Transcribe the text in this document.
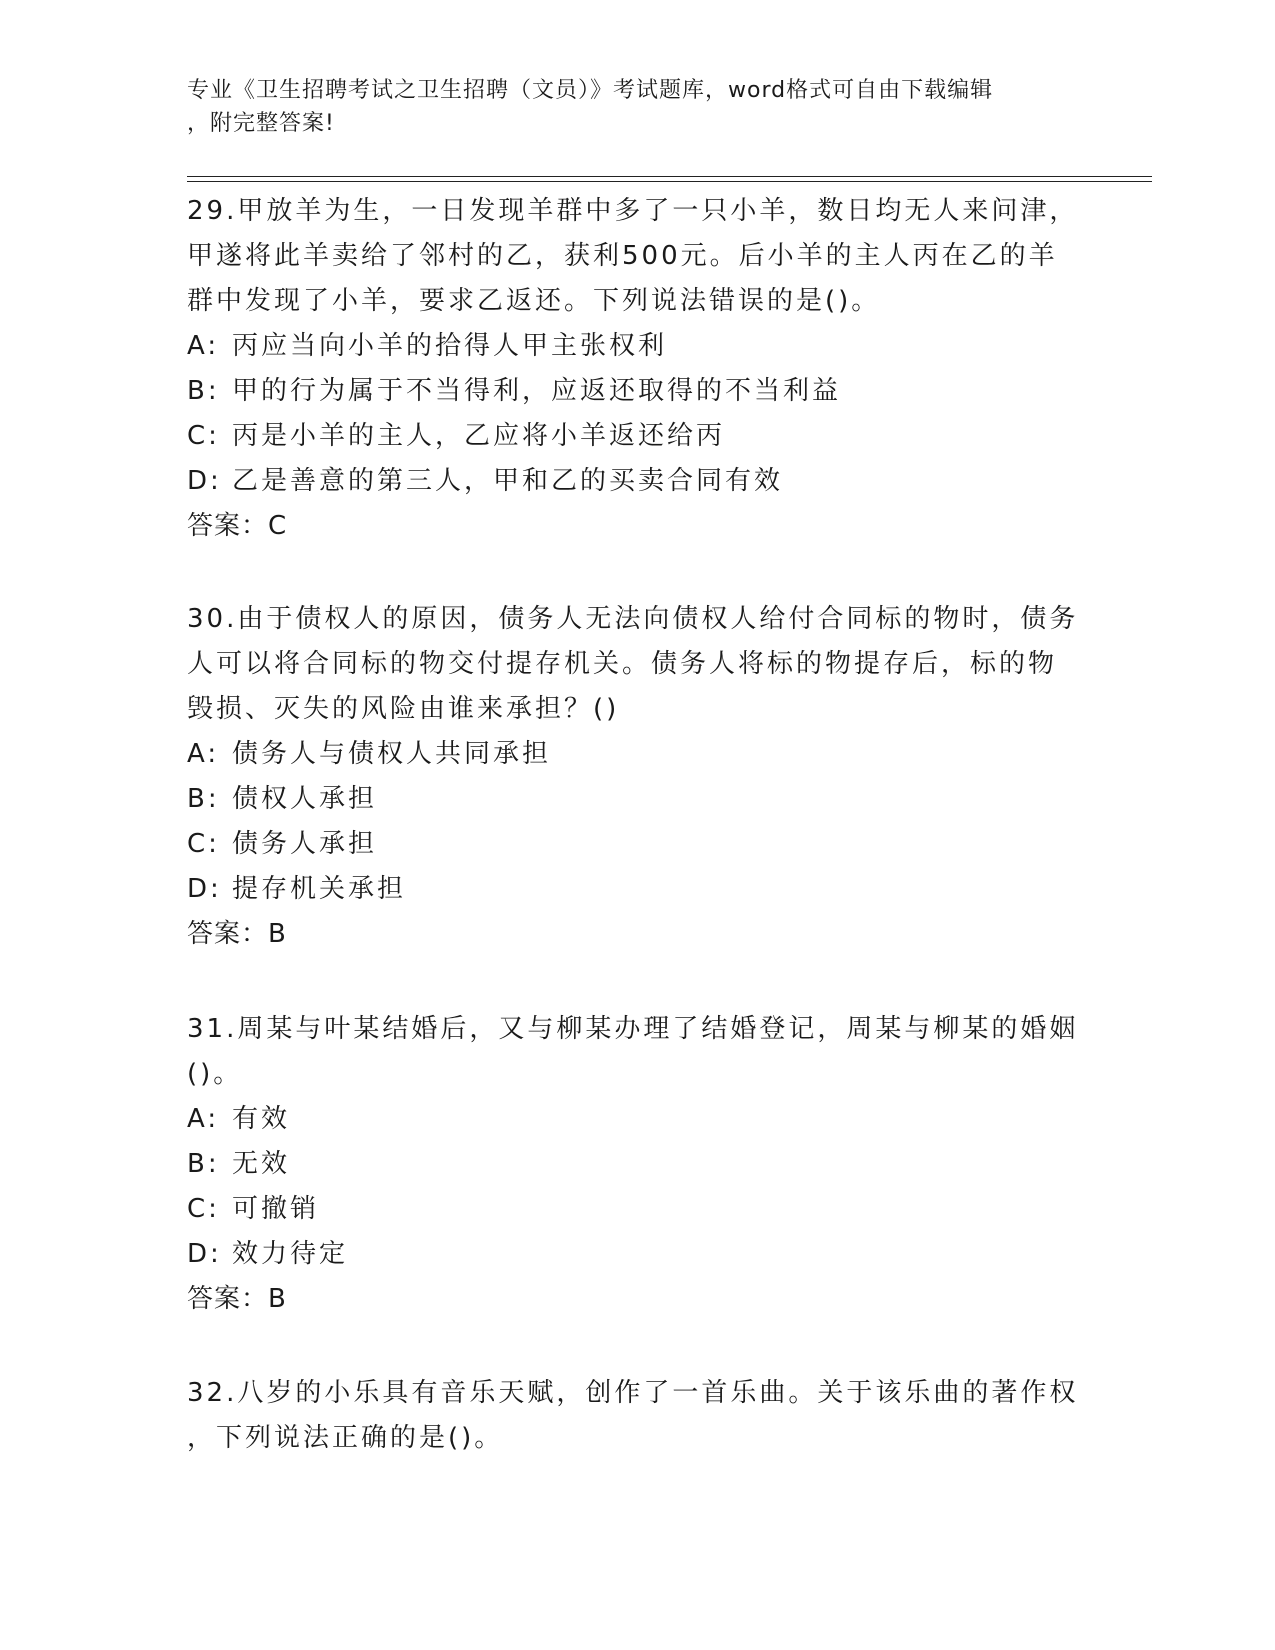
专业《卫生招聘考试之卫生招聘（文员）》考试题库，word格式可自由下载编辑
，附完整答案!
29.甲放羊为生，一日发现羊群中多了一只小羊，数日均无人来问津，
甲遂将此羊卖给了邻村的乙，获利500元。后小羊的主人丙在乙的羊
群中发现了小羊，要求乙返还。下列说法错误的是()。
A: 丙应当向小羊的拾得人甲主张权利
B: 甲的行为属于不当得利，应返还取得的不当利益
C: 丙是小羊的主人，乙应将小羊返还给丙
D: 乙是善意的第三人，甲和乙的买卖合同有效
答案：C
30.由于债权人的原因，债务人无法向债权人给付合同标的物时，债务
人可以将合同标的物交付提存机关。债务人将标的物提存后，标的物
毁损、灭失的风险由谁来承担？()
A: 债务人与债权人共同承担
B: 债权人承担
C: 债务人承担
D: 提存机关承担
答案：B
31.周某与叶某结婚后，又与柳某办理了结婚登记，周某与柳某的婚姻
()。
A: 有效
B: 无效
C: 可撤销
D: 效力待定
答案：B
32.八岁的小乐具有音乐天赋，创作了一首乐曲。关于该乐曲的著作权
，下列说法正确的是()。
